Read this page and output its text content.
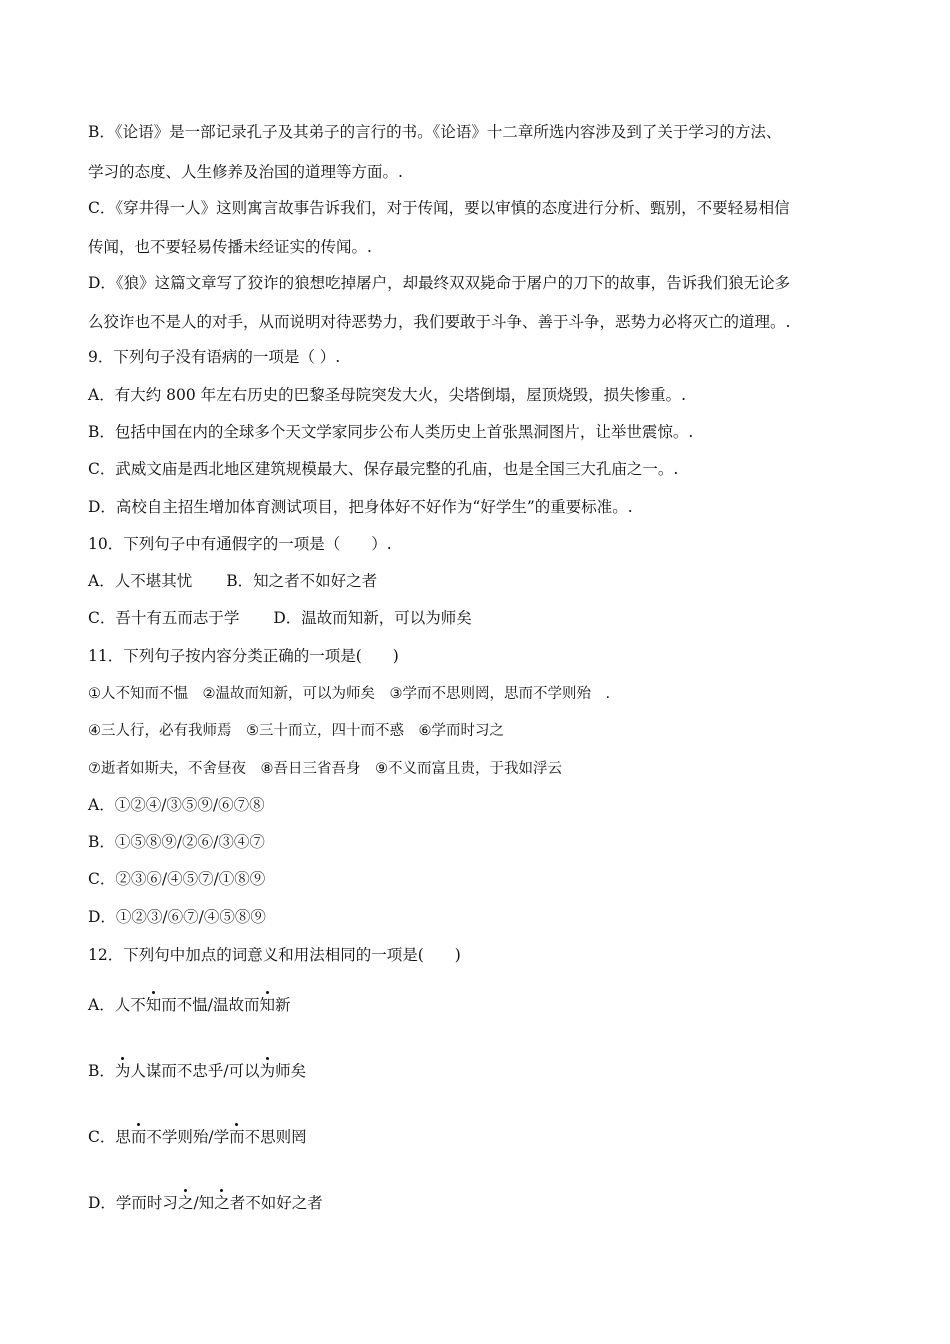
B．《论语》是一部记录孔子及其弟子的言行的书。《论语》十二章所选内容涉及到了关于学习的方法、
学习的态度、人生修养及治国的道理等方面。.
C．《穿井得一人》这则寓言故事告诉我们，对于传闻，要以审慎的态度进行分析、甄别，不要轻易相信
传闻，也不要轻易传播未经证实的传闻。.
D．《狼》这篇文章写了狡诈的狼想吃掉屠户，却最终双双毙命于屠户的刀下的故事，告诉我们狼无论多
么狡诈也不是人的对手，从而说明对待恶势力，我们要敢于斗争、善于斗争，恶势力必将灭亡的道理。.
9．下列句子没有语病的一项是（ ）.
A．有大约 800 年左右历史的巴黎圣母院突发大火，尖塔倒塌，屋顶烧毁，损失惨重。.
B．包括中国在内的全球多个天文学家同步公布人类历史上首张黑洞图片，让举世震惊。.
C．武威文庙是西北地区建筑规模最大、保存最完整的孔庙，也是全国三大孔庙之一。.
D．高校自主招生增加体育测试项目，把身体好不好作为“好学生”的重要标准。.
10．下列句子中有通假字的一项是（　　）.
A．人不堪其忧 B．知之者不如好之者
C．吾十有五而志于学 D．温故而知新，可以为师矣
11．下列句子按内容分类正确的一项是(　　)
①人不知而不愠　②温故而知新，可以为师矣　③学而不思则罔，思而不学则殆　.
④三人行，必有我师焉　⑤三十而立，四十而不惑　⑥学而时习之
⑦逝者如斯夫，不舍昼夜　⑧吾日三省吾身　⑨不义而富且贵，于我如浮云
A．①②④/③⑤⑨/⑥⑦⑧
B．①⑤⑧⑨/②⑥/③④⑦
C．②③⑥/④⑤⑦/①⑧⑨
D．①②③/⑥⑦/④⑤⑧⑨
12．下列句中加点的词意义和用法相同的一项是(　　)
A．人不知而不愠/温故而知新
B．为人谋而不忠乎/可以为师矣
C．思而不学则殆/学而不思则罔
D．学而时习之/知之者不如好之者
